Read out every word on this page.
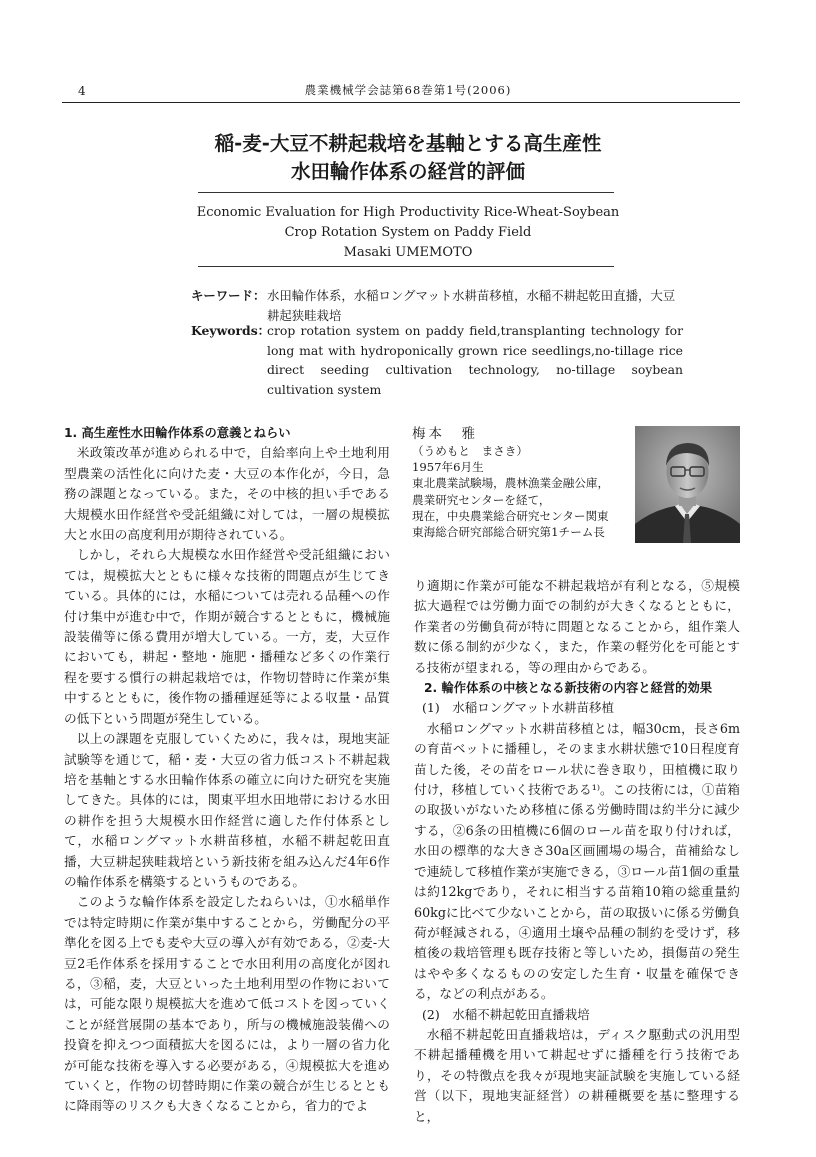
4	農業機械学会誌第68巻第1号(2006)
稲-麦-大豆不耕起栽培を基軸とする高生産性
水田輪作体系の経営的評価
Economic Evaluation for High Productivity Rice-Wheat-Soybean
Crop Rotation System on Paddy Field
Masaki UMEMOTO
キーワード： 水田輪作体系，水稲ロングマット水耕苗移植，水稲不耕起乾田直播，大豆耕起狭畦栽培
Keywords：
crop rotation system on paddy field,transplanting technology for long mat with hydroponically grown rice seedlings,no-tillage rice direct seeding cultivation technology, no-tillage soybean cultivation system
1. 高生産性水田輪作体系の意義とねらい

米政策改革が進められる中で，自給率向上や土地利用型農業の活性化に向けた麦・大豆の本作化が，今日，急務の課題となっている。また，その中核的担い手である大規模水田作経営や受託組織に対しては，一層の規模拡大と水田の高度利用が期待されている。

しかし，それら大規模な水田作経営や受託組織においては，規模拡大とともに様々な技術的問題点が生じてきている。具体的には，水稲については売れる品種への作付け集中が進む中で，作期が競合するとともに，機械施設装備等に係る費用が増大している。一方，麦，大豆作においても，耕起・整地・施肥・播種など多くの作業行程を要する慣行の耕起栽培では，作物切替時に作業が集中するとともに，後作物の播種遅延等による収量・品質の低下という問題が発生している。

以上の課題を克服していくために，我々は，現地実証試験等を通じて，稲・麦・大豆の省力低コスト不耕起栽培を基軸とする水田輪作体系の確立に向けた研究を実施してきた。具体的には，関東平坦水田地帯における水田の耕作を担う大規模水田作経営に適した作付体系として，水稲ロングマット水耕苗移植，水稲不耕起乾田直播，大豆耕起狭畦栽培という新技術を組み込んだ4年6作の輪作体系を構築するというものである。

このような輪作体系を設定したねらいは，①水稲単作では特定時期に作業が集中することから，労働配分の平準化を図る上でも麦や大豆の導入が有効である，②麦-大豆2毛作体系を採用することで水田利用の高度化が図れる，③稲，麦，大豆といった土地利用型の作物においては，可能な限り規模拡大を進めて低コストを図っていくことが経営展開の基本であり，所与の機械施設装備への投資を抑えつつ面積拡大を図るには，より一層の省力化が可能な技術を導入する必要がある，④規模拡大を進めていくと，作物の切替時期に作業の競合が生じるとともに降雨等のリスクも大きくなることから，省力的でよ

梅本　雅
（うめもと　まさき）
1957年6月生
東北農業試験場，農林漁業金融公庫，
農業研究センターを経て，
現在，中央農業総合研究センター関東
東海総合研究部総合研究第1チーム長

り適期に作業が可能な不耕起栽培が有利となる，⑤規模拡大過程では労働力面での制約が大きくなるとともに，作業者の労働負荷が特に問題となることから，組作業人数に係る制約が少なく，また，作業の軽労化を可能とする技術が望まれる，等の理由からである。

2. 輪作体系の中核となる新技術の内容と経営的効果
(1)　水稲ロングマット水耕苗移植

水稲ロングマット水耕苗移植とは，幅30cm，長さ6mの育苗ベットに播種し，そのまま水耕状態で10日程度育苗した後，その苗をロール状に巻き取り，田植機に取り付け，移植していく技術である¹⁾。この技術には，①苗箱の取扱いがないため移植に係る労働時間は約半分に減少する，②6条の田植機に6個のロール苗を取り付ければ，水田の標準的な大きさ30a区画圃場の場合，苗補給なしで連続して移植作業が実施できる，③ロール苗1個の重量は約12kgであり，それに相当する苗箱10箱の総重量約60kgに比べて少ないことから，苗の取扱いに係る労働負荷が軽減される，④適用土壌や品種の制約を受けず，移植後の栽培管理も既存技術と等しいため，損傷苗の発生はやや多くなるものの安定した生育・収量を確保できる，などの利点がある。

(2)　水稲不耕起乾田直播栽培

水稲不耕起乾田直播栽培は，ディスク駆動式の汎用型不耕起播種機を用いて耕起せずに播種を行う技術であり，その特徴点を我々が現地実証試験を実施している経営（以下，現地実証経営）の耕種概要を基に整理すると，
